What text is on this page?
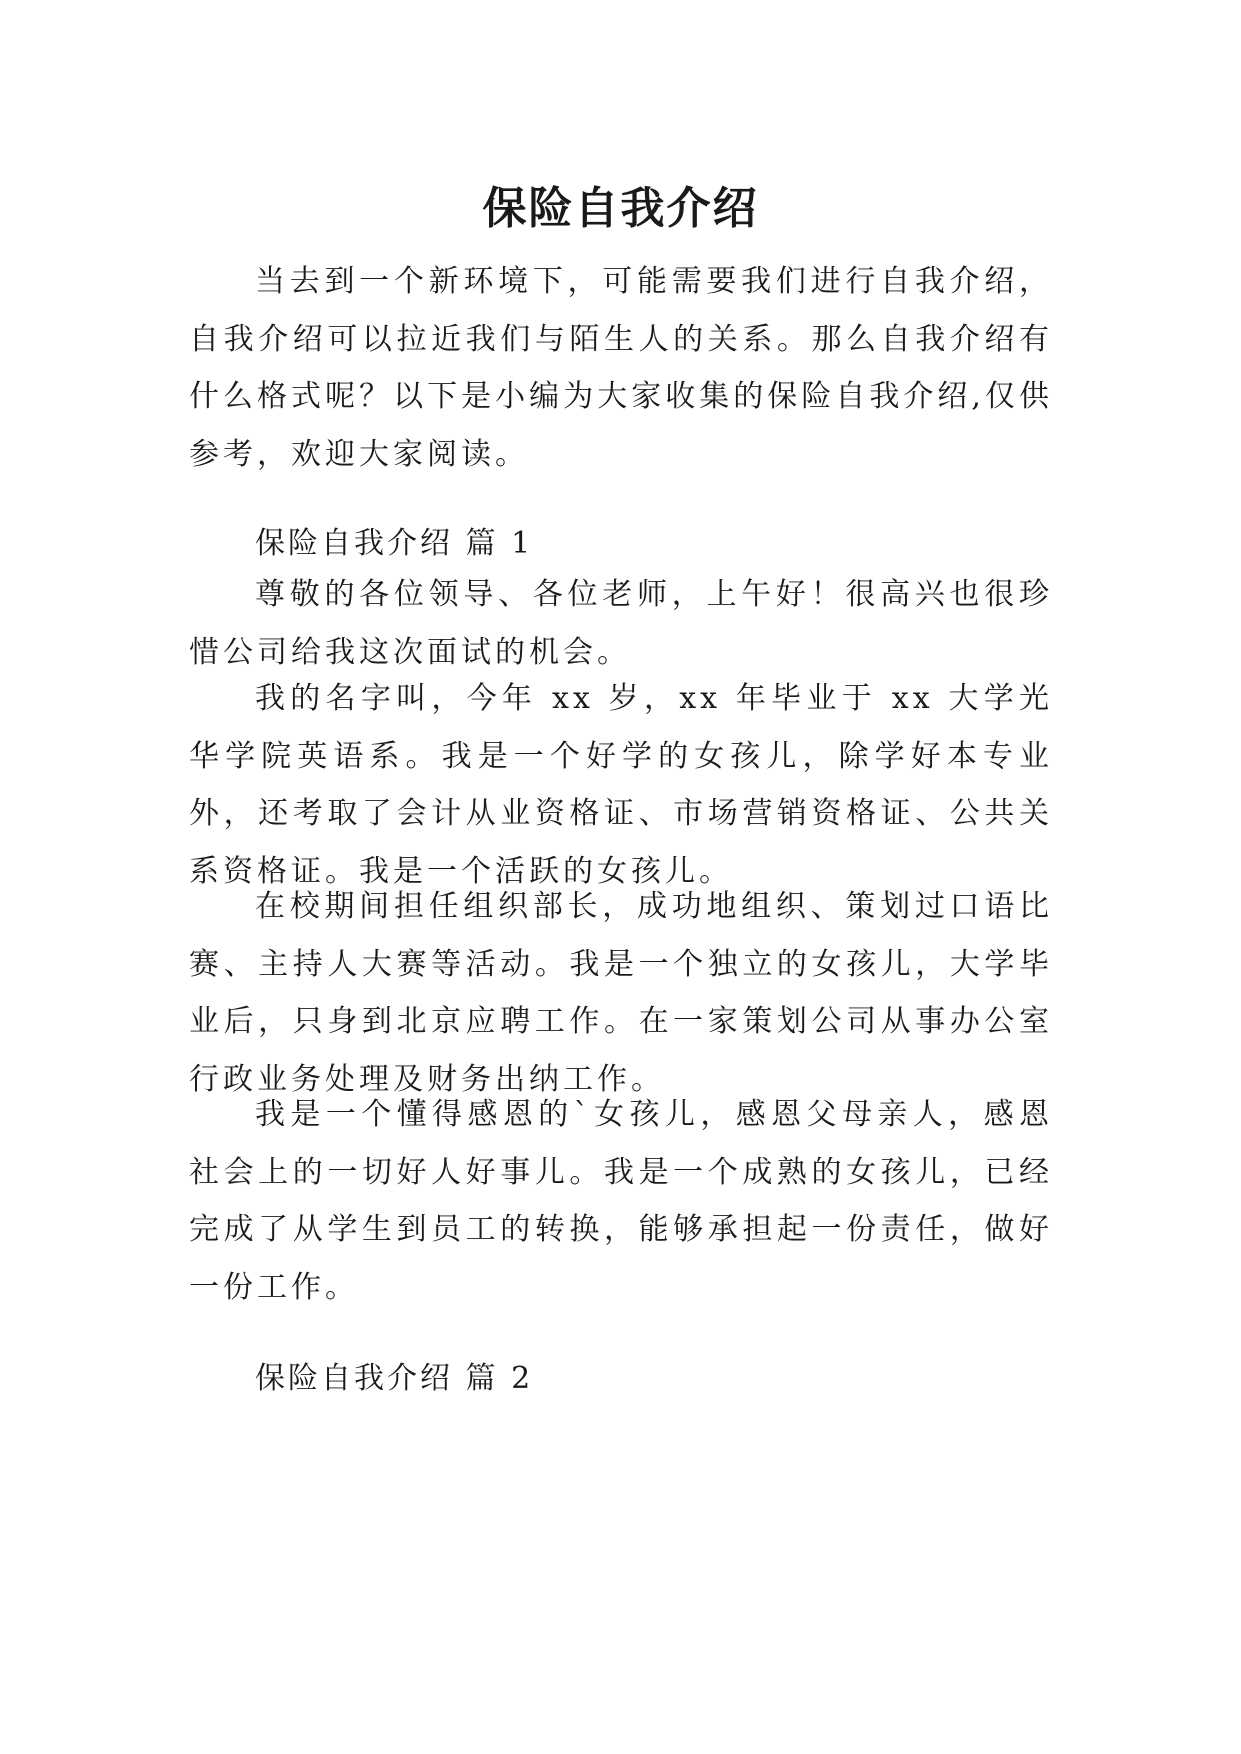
保险自我介绍

当去到一个新环境下，可能需要我们进行自我介绍，自我介绍可以拉近我们与陌生人的关系。那么自我介绍有什么格式呢？以下是小编为大家收集的保险自我介绍,仅供参考，欢迎大家阅读。

保险自我介绍 篇 1

尊敬的各位领导、各位老师，上午好！很高兴也很珍惜公司给我这次面试的机会。

我的名字叫，今年 xx 岁，xx 年毕业于 xx 大学光华学院英语系。我是一个好学的女孩儿，除学好本专业外，还考取了会计从业资格证、市场营销资格证、公共关系资格证。我是一个活跃的女孩儿。

在校期间担任组织部长，成功地组织、策划过口语比赛、主持人大赛等活动。我是一个独立的女孩儿，大学毕业后，只身到北京应聘工作。在一家策划公司从事办公室行政业务处理及财务出纳工作。

我是一个懂得感恩的`女孩儿，感恩父母亲人，感恩社会上的一切好人好事儿。我是一个成熟的女孩儿，已经完成了从学生到员工的转换，能够承担起一份责任，做好一份工作。

保险自我介绍 篇 2
